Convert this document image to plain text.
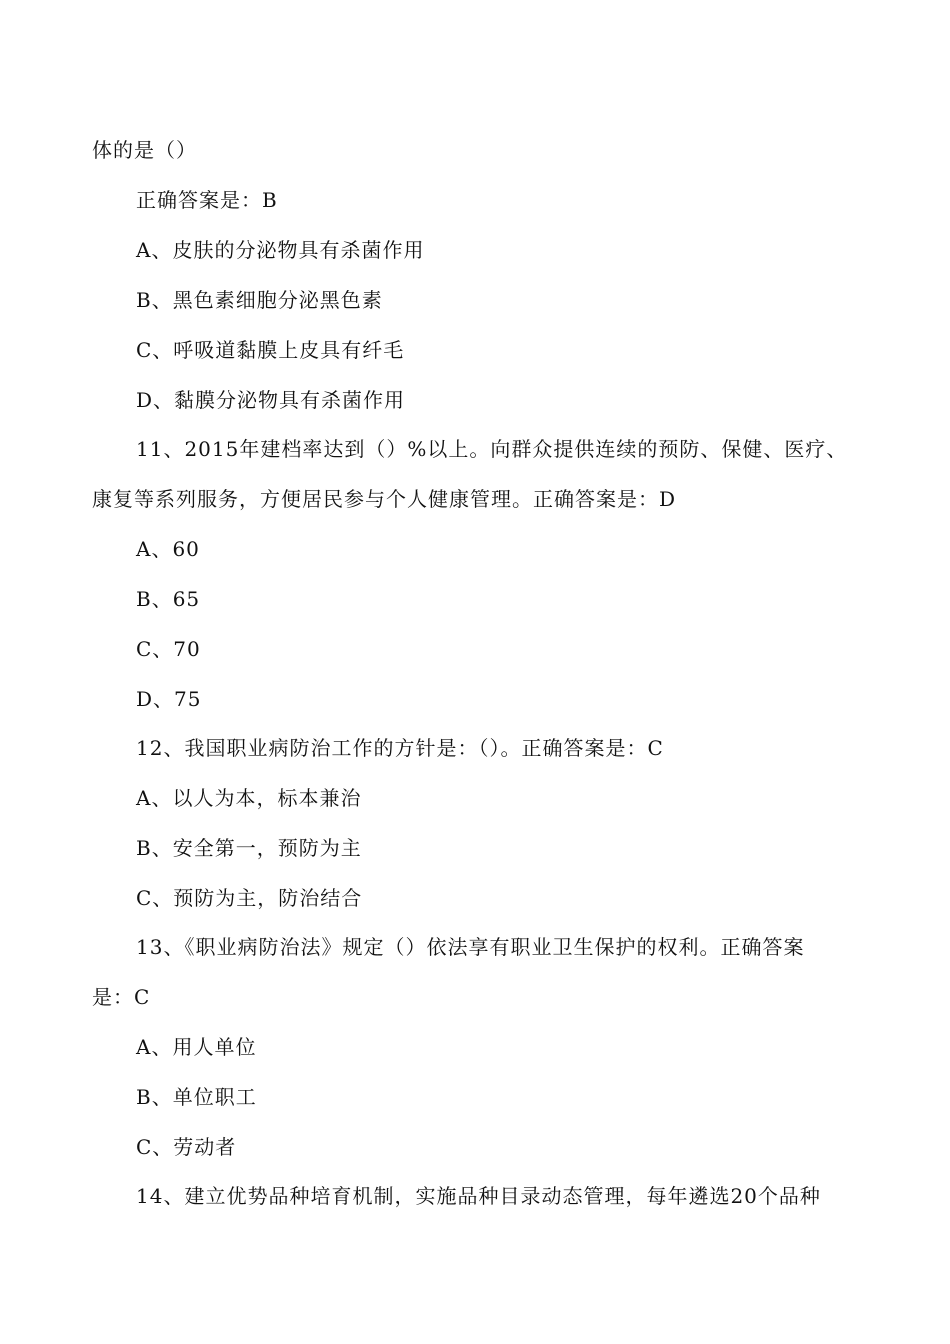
体的是（）
正确答案是：B
A、皮肤的分泌物具有杀菌作用
B、黑色素细胞分泌黑色素
C、呼吸道黏膜上皮具有纤毛
D、黏膜分泌物具有杀菌作用
11、2015年建档率达到（）%以上。向群众提供连续的预防、保健、医疗、
康复等系列服务，方便居民参与个人健康管理。正确答案是：D
A、60
B、65
C、70
D、75
12、我国职业病防治工作的方针是：（）。正确答案是：C
A、以人为本，标本兼治
B、安全第一，预防为主
C、预防为主，防治结合
13、《职业病防治法》规定（）依法享有职业卫生保护的权利。正确答案
是：C
A、用人单位
B、单位职工
C、劳动者
14、建立优势品种培育机制，实施品种目录动态管理，每年遴选20个品种
